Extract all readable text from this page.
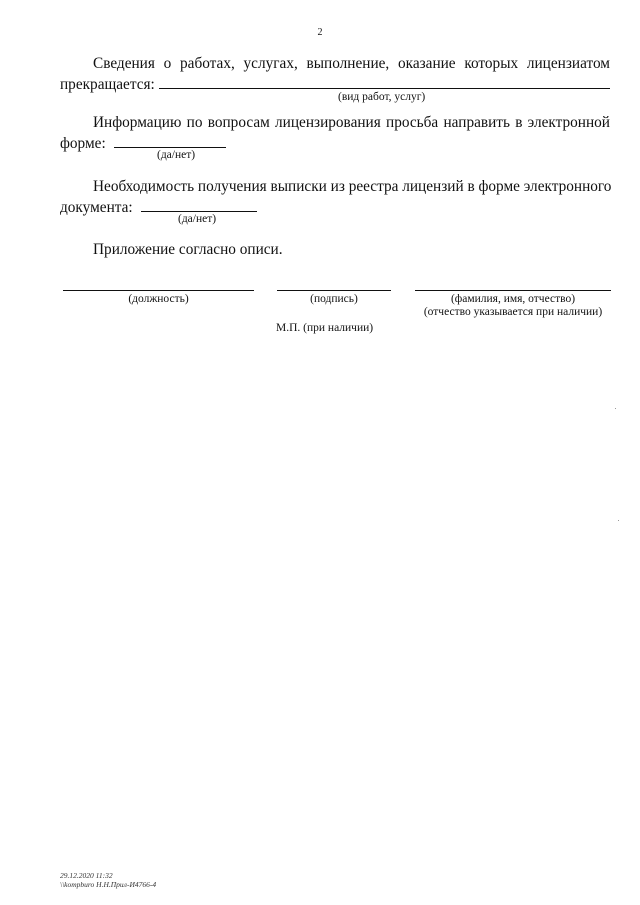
2
Сведения о работах, услугах, выполнение, оказание которых лицензиатом
прекращается:
(вид работ, услуг)
Информацию по вопросам лицензирования просьба направить в электронной
форме:
(да/нет)
Необходимость получения выписки из реестра лицензий в форме электронного
документа:
(да/нет)
Приложение согласно описи.
(должность)	(подпись)	(фамилия, имя, отчество)
(отчество указывается при наличии)
М.П. (при наличии)
29.12.2020 11:32
\\kompburo Н.Н.Прил-И4766-4
